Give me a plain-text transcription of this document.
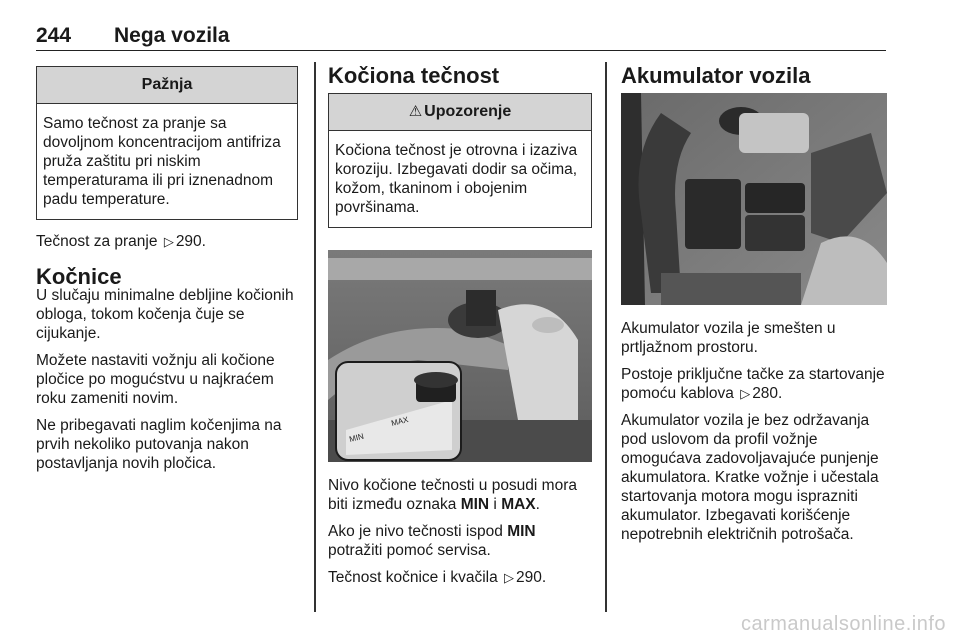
244 Nega vozila
Pažnja
Samo tečnost za pranje sa dovoljnom koncentracijom antifriza pruža zaštitu pri niskim temperaturama ili pri iznenadnom padu temperature.

Tečnost za pranje ▷ 290.

Kočnice

U slučaju minimalne debljine kočionih obloga, tokom kočenja čuje se cijukanje.

Možete nastaviti vožnju ali kočione pločice po mogućstvu u najkraćem roku zameniti novim.

Ne pribegavati naglim kočenjima na prvih nekoliko putovanja nakon postavljanja novih pločica.

Kočiona tečnost
⚠ Upozorenje
Kočiona tečnost je otrovna i izaziva koroziju. Izbegavati dodir sa očima, kožom, tkaninom i obojenim površinama.
MAX
MIN

Nivo kočione tečnosti u posudi mora biti između oznaka MIN i MAX.

Ako je nivo tečnosti ispod MIN potražiti pomoć servisa.

Tečnost kočnice i kvačila ▷ 290.

Akumulator vozila

Akumulator vozila je smešten u prtljažnom prostoru.

Postoje priključne tačke za startovanje pomoću kablova ▷ 280.

Akumulator vozila je bez održavanja pod uslovom da profil vožnje omogućava zadovoljavajuće punjenje akumulatora. Kratke vožnje i učestala startovanja motora mogu isprazniti akumulator. Izbegavati korišćenje nepotrebnih električnih potrošača.

carmanualsonline.info
